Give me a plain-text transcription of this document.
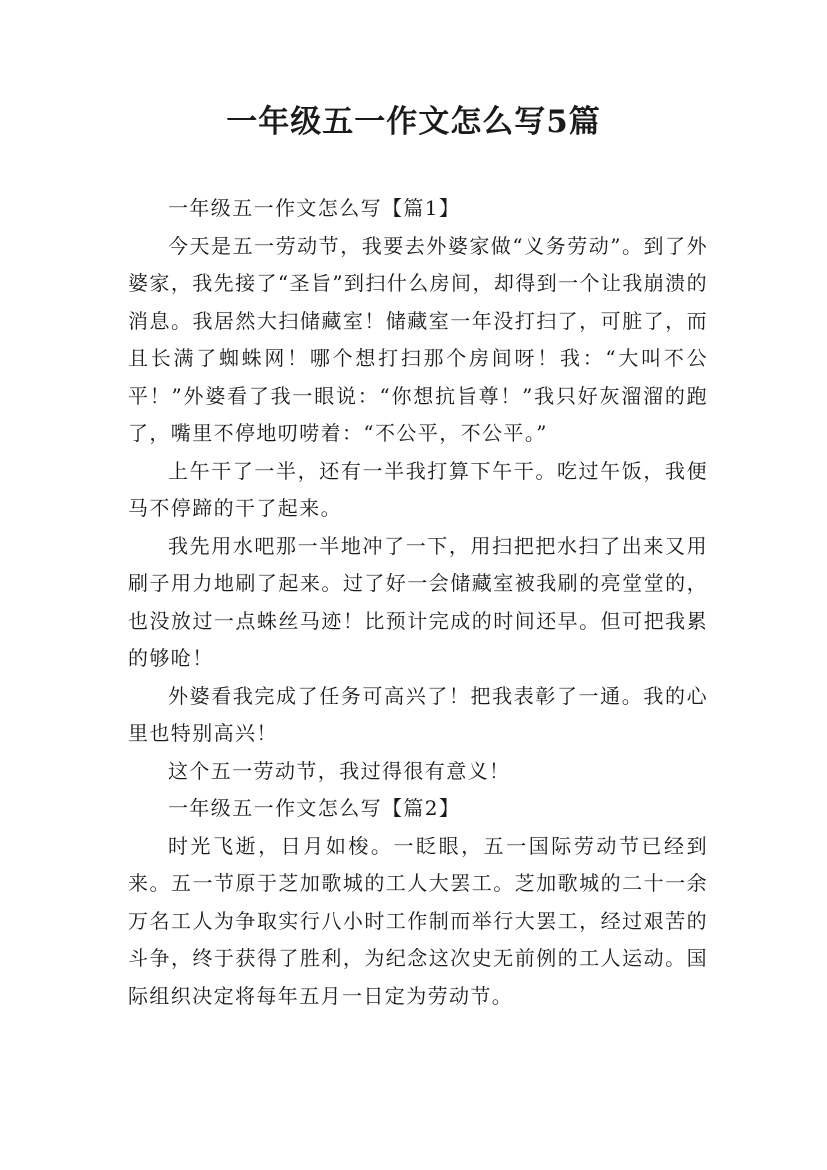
一年级五一作文怎么写5篇

一年级五一作文怎么写【篇1】

今天是五一劳动节，我要去外婆家做“义务劳动”。到了外婆家，我先接了“圣旨”到扫什么房间，却得到一个让我崩溃的消息。我居然大扫储藏室！储藏室一年没打扫了，可脏了，而且长满了蜘蛛网！哪个想打扫那个房间呀！我：“大叫不公平！”外婆看了我一眼说：“你想抗旨尊！”我只好灰溜溜的跑了，嘴里不停地叨唠着：“不公平，不公平。”

上午干了一半，还有一半我打算下午干。吃过午饭，我便马不停蹄的干了起来。

我先用水吧那一半地冲了一下，用扫把把水扫了出来又用刷子用力地刷了起来。过了好一会储藏室被我刷的亮堂堂的，也没放过一点蛛丝马迹！比预计完成的时间还早。但可把我累的够呛！

外婆看我完成了任务可高兴了！把我表彰了一通。我的心里也特别高兴！

这个五一劳动节，我过得很有意义！

一年级五一作文怎么写【篇2】

时光飞逝，日月如梭。一眨眼，五一国际劳动节已经到来。五一节原于芝加歌城的工人大罢工。芝加歌城的二十一余万名工人为争取实行八小时工作制而举行大罢工，经过艰苦的斗争，终于获得了胜利，为纪念这次史无前例的工人运动。国际组织决定将每年五月一日定为劳动节。
